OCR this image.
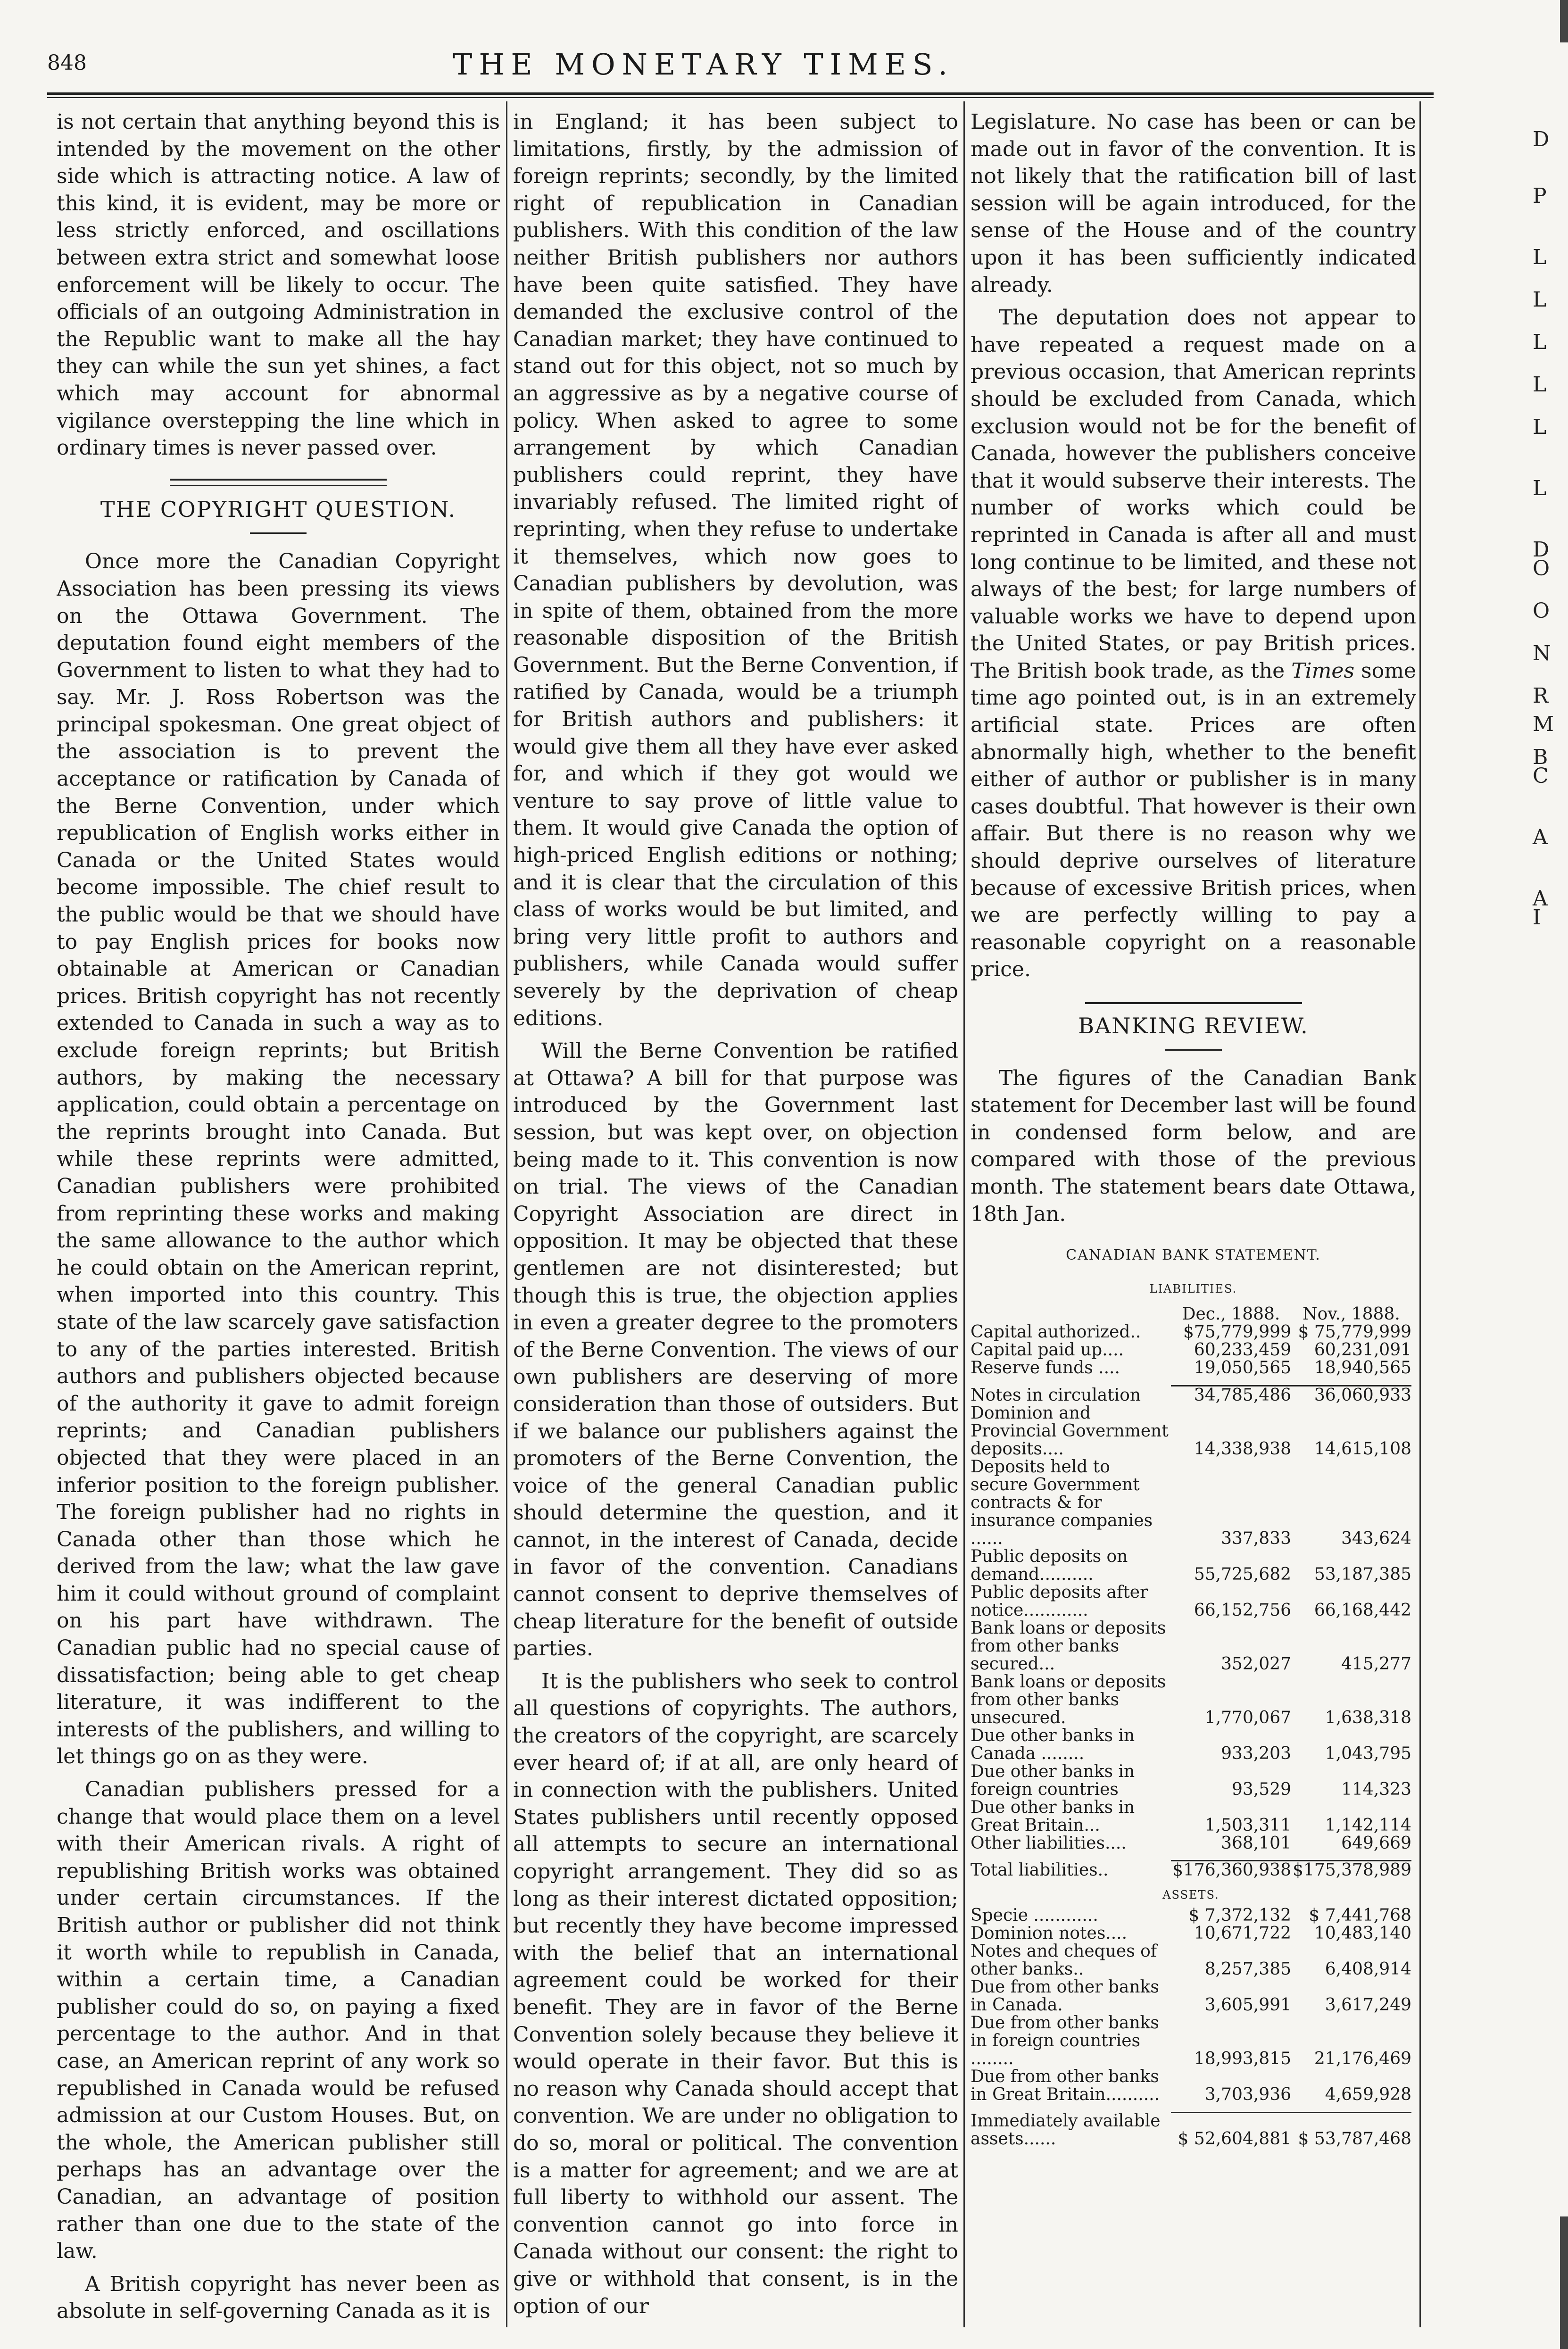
848	THE MONETARY TIMES.

is not certain that anything beyond this is intended by the movement on the other side which is attracting notice. A law of this kind, it is evident, may be more or less strictly enforced, and oscillations between extra strict and somewhat loose enforcement will be likely to occur. The officials of an outgoing Administration in the Republic want to make all the hay they can while the sun yet shines, a fact which may account for abnormal vigilance overstepping the line which in ordinary times is never passed over.

THE COPYRIGHT QUESTION.

Once more the Canadian Copyright Association has been pressing its views on the Ottawa Government. The deputation found eight members of the Government to listen to what they had to say. Mr. J. Ross Robertson was the principal spokesman. One great object of the association is to prevent the acceptance or ratification by Canada of the Berne Convention, under which republication of English works either in Canada or the United States would become impossible. The chief result to the public would be that we should have to pay English prices for books now obtainable at American or Canadian prices. British copyright has not recently extended to Canada in such a way as to exclude foreign reprints; but British authors, by making the necessary application, could obtain a percentage on the reprints brought into Canada. But while these reprints were admitted, Canadian publishers were prohibited from reprinting these works and making the same allowance to the author which he could obtain on the American reprint, when imported into this country. This state of the law scarcely gave satisfaction to any of the parties interested. British authors and publishers objected because of the authority it gave to admit foreign reprints; and Canadian publishers objected that they were placed in an inferior position to the foreign publisher. The foreign publisher had no rights in Canada other than those which he derived from the law; what the law gave him it could without ground of complaint on his part have withdrawn. The Canadian public had no special cause of dissatisfaction; being able to get cheap literature, it was indifferent to the interests of the publishers, and willing to let things go on as they were.

Canadian publishers pressed for a change that would place them on a level with their American rivals. A right of republishing British works was obtained under certain circumstances. If the British author or publisher did not think it worth while to republish in Canada, within a certain time, a Canadian publisher could do so, on paying a fixed percentage to the author. And in that case, an American reprint of any work so republished in Canada would be refused admission at our Custom Houses. But, on the whole, the American publisher still perhaps has an advantage over the Canadian, an advantage of position rather than one due to the state of the law.

A British copyright has never been as absolute in self-governing Canada as it is

in England; it has been subject to limitations, firstly, by the admission of foreign reprints; secondly, by the limited right of republication in Canadian publishers. With this condition of the law neither British publishers nor authors have been quite satisfied. They have demanded the exclusive control of the Canadian market; they have continued to stand out for this object, not so much by an aggressive as by a negative course of policy. When asked to agree to some arrangement by which Canadian publishers could reprint, they have invariably refused. The limited right of reprinting, when they refuse to undertake it themselves, which now goes to Canadian publishers by devolution, was in spite of them, obtained from the more reasonable disposition of the British Government. But the Berne Convention, if ratified by Canada, would be a triumph for British authors and publishers: it would give them all they have ever asked for, and which if they got would we venture to say prove of little value to them. It would give Canada the option of high-priced English editions or nothing; and it is clear that the circulation of this class of works would be but limited, and bring very little profit to authors and publishers, while Canada would suffer severely by the deprivation of cheap editions.

Will the Berne Convention be ratified at Ottawa? A bill for that purpose was introduced by the Government last session, but was kept over, on objection being made to it. This convention is now on trial. The views of the Canadian Copyright Association are direct in opposition. It may be objected that these gentlemen are not disinterested; but though this is true, the objection applies in even a greater degree to the promoters of the Berne Convention. The views of our own publishers are deserving of more consideration than those of outsiders. But if we balance our publishers against the promoters of the Berne Convention, the voice of the general Canadian public should determine the question, and it cannot, in the interest of Canada, decide in favor of the convention. Canadians cannot consent to deprive themselves of cheap literature for the benefit of outside parties.

It is the publishers who seek to control all questions of copyrights. The authors, the creators of the copyright, are scarcely ever heard of; if at all, are only heard of in connection with the publishers. United States publishers until recently opposed all attempts to secure an international copyright arrangement. They did so as long as their interest dictated opposition; but recently they have become impressed with the belief that an international agreement could be worked for their benefit. They are in favor of the Berne Convention solely because they believe it would operate in their favor. But this is no reason why Canada should accept that convention. We are under no obligation to do so, moral or political. The convention is a matter for agreement; and we are at full liberty to withhold our assent. The convention cannot go into force in Canada without our consent: the right to give or withhold that consent, is in the option of our

Legislature. No case has been or can be made out in favor of the convention. It is not likely that the ratification bill of last session will be again introduced, for the sense of the House and of the country upon it has been sufficiently indicated already.

The deputation does not appear to have repeated a request made on a previous occasion, that American reprints should be excluded from Canada, which exclusion would not be for the benefit of Canada, however the publishers conceive that it would subserve their interests. The number of works which could be reprinted in Canada is after all and must long continue to be limited, and these not always of the best; for large numbers of valuable works we have to depend upon the United States, or pay British prices. The British book trade, as the Times some time ago pointed out, is in an extremely artificial state. Prices are often abnormally high, whether to the benefit either of author or publisher is in many cases doubtful. That however is their own affair. But there is no reason why we should deprive ourselves of literature because of excessive British prices, when we are perfectly willing to pay a reasonable copyright on a reasonable price.

BANKING REVIEW.

The figures of the Canadian Bank statement for December last will be found in condensed form below, and are compared with those of the previous month. The statement bears date Ottawa, 18th Jan.

CANADIAN BANK STATEMENT.
LIABILITIES.
	Dec., 1888.	Nov., 1888.
Capital authorized..	$75,779,999	$ 75,779,999
Capital paid up....	60,233,459	60,231,091
Reserve funds ....	19,050,565	18,940,565

Notes in circulation	34,785,486	36,060,933
Dominion and Provincial Government deposits....	14,338,938	14,615,108
Deposits held to secure Government contracts & for insurance companies ......	337,833	343,624
Public deposits on demand..........	55,725,682	53,187,385
Public deposits after notice............	66,152,756	66,168,442
Bank loans or deposits from other banks secured...	352,027	415,277
Bank loans or deposits from other banks unsecured.	1,770,067	1,638,318
Due other banks in Canada ........	933,203	1,043,795
Due other banks in foreign countries	93,529	114,323
Due other banks in Great Britain...	1,503,311	1,142,114
Other liabilities....	368,101	649,669

Total liabilities..	$176,360,938	$175,378,989
ASSETS.		
Specie ............	$ 7,372,132	$ 7,441,768
Dominion notes....	10,671,722	10,483,140
Notes and cheques of other banks..	8,257,385	6,408,914
Due from other banks in Canada.	3,605,991	3,617,249
Due from other banks in foreign countries ........	18,993,815	21,176,469
Due from other banks in Great Britain..........	3,703,936	4,659,928

Immediately available assets......	$ 52,604,881	$ 53,787,468
D
P
L
L
L
L
L
L
D
O
O
N
R
M
B
C
A
A
I
